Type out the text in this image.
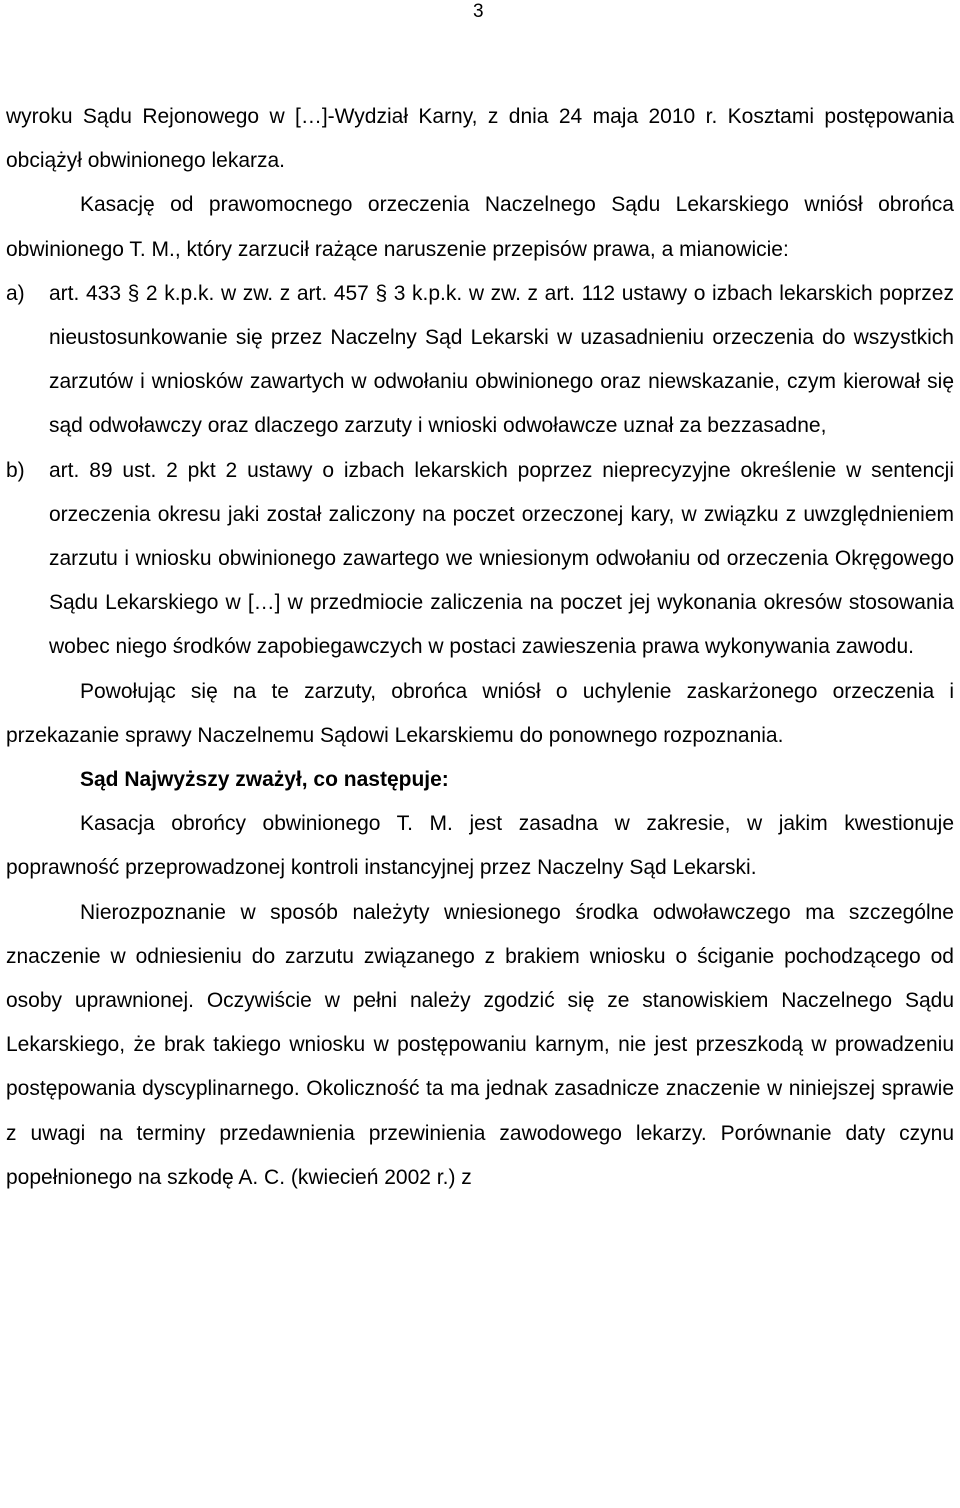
3

wyroku Sądu Rejonowego w […]-Wydział Karny, z dnia 24 maja 2010 r. Kosztami postępowania obciążył obwinionego lekarza.

Kasację od prawomocnego orzeczenia Naczelnego Sądu Lekarskiego wniósł obrońca obwinionego T. M., który zarzucił rażące naruszenie przepisów prawa, a mianowicie:

a) art. 433 § 2 k.p.k. w zw. z art. 457 § 3 k.p.k. w zw. z art. 112 ustawy o izbach lekarskich poprzez nieustosunkowanie się przez Naczelny Sąd Lekarski w uzasadnieniu orzeczenia do wszystkich zarzutów i wniosków zawartych w odwołaniu obwinionego oraz niewskazanie, czym kierował się sąd odwoławczy oraz dlaczego zarzuty i wnioski odwoławcze uznał za bezzasadne,
b) art. 89 ust. 2 pkt 2 ustawy o izbach lekarskich poprzez nieprecyzyjne określenie w sentencji orzeczenia okresu jaki został zaliczony na poczet orzeczonej kary, w związku z uwzględnieniem zarzutu i wniosku obwinionego zawartego we wniesionym odwołaniu od orzeczenia Okręgowego Sądu Lekarskiego w […] w przedmiocie zaliczenia na poczet jej wykonania okresów stosowania wobec niego środków zapobiegawczych w postaci zawieszenia prawa wykonywania zawodu.

Powołując się na te zarzuty, obrońca wniósł o uchylenie zaskarżonego orzeczenia i przekazanie sprawy Naczelnemu Sądowi Lekarskiemu do ponownego rozpoznania.

Sąd Najwyższy zważył, co następuje:

Kasacja obrońcy obwinionego T. M. jest zasadna w zakresie, w jakim kwestionuje poprawność przeprowadzonej kontroli instancyjnej przez Naczelny Sąd Lekarski.

Nierozpoznanie w sposób należyty wniesionego środka odwoławczego ma szczególne znaczenie w odniesieniu do zarzutu związanego z brakiem wniosku o ściganie pochodzącego od osoby uprawnionej. Oczywiście w pełni należy zgodzić się ze stanowiskiem Naczelnego Sądu Lekarskiego, że brak takiego wniosku w postępowaniu karnym, nie jest przeszkodą w prowadzeniu postępowania dyscyplinarnego. Okoliczność ta ma jednak zasadnicze znaczenie w niniejszej sprawie z uwagi na terminy przedawnienia przewinienia zawodowego lekarzy. Porównanie daty czynu popełnionego na szkodę A. C. (kwiecień 2002 r.) z
